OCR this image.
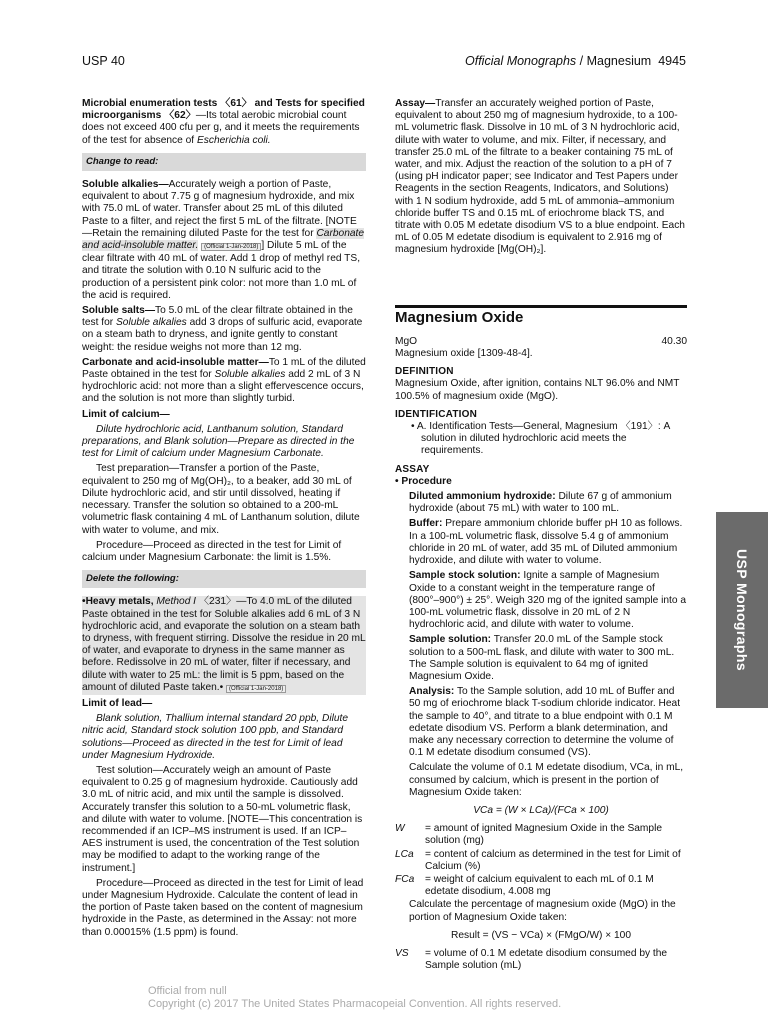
USP 40	Official Monographs / Magnesium 4945

Microbial enumeration tests 〈61〉 and Tests for specified microorganisms 〈62〉—Its total aerobic microbial count does not exceed 400 cfu per g, and it meets the requirements of the test for absence of Escherichia coli.

Change to read:

Soluble alkalies—Accurately weigh a portion of Paste, equivalent to about 7.75 g of magnesium hydroxide, and mix with 75.0 mL of water. Transfer about 25 mL of this diluted Paste to a filter, and reject the first 5 mL of the filtrate. [NOTE—Retain the remaining diluted Paste for the test for Carbonate and acid-insoluble matter. (Official 1-Jan-2018) ] Dilute 5 mL of the clear filtrate with 40 mL of water. Add 1 drop of methyl red TS, and titrate the solution with 0.10 N sulfuric acid to the production of a persistent pink color: not more than 1.0 mL of the acid is required.

Soluble salts—To 5.0 mL of the clear filtrate obtained in the test for Soluble alkalies add 3 drops of sulfuric acid, evaporate on a steam bath to dryness, and ignite gently to constant weight: the residue weighs not more than 12 mg.

Carbonate and acid-insoluble matter—To 1 mL of the diluted Paste obtained in the test for Soluble alkalies add 2 mL of 3 N hydrochloric acid: not more than a slight effervescence occurs, and the solution is not more than slightly turbid.

Limit of calcium—

Dilute hydrochloric acid, Lanthanum solution, Standard preparations, and Blank solution—Prepare as directed in the test for Limit of calcium under Magnesium Carbonate.

Test preparation—Transfer a portion of the Paste, equivalent to 250 mg of Mg(OH)₂, to a beaker, add 30 mL of Dilute hydrochloric acid, and stir until dissolved, heating if necessary. Transfer the solution so obtained to a 200-mL volumetric flask containing 4 mL of Lanthanum solution, dilute with water to volume, and mix.

Procedure—Proceed as directed in the test for Limit of calcium under Magnesium Carbonate: the limit is 1.5%.

Delete the following:

•Heavy metals, Method I 〈231〉—To 4.0 mL of the diluted Paste obtained in the test for Soluble alkalies add 6 mL of 3 N hydrochloric acid, and evaporate the solution on a steam bath to dryness, with frequent stirring. Dissolve the residue in 20 mL of water, and evaporate to dryness in the same manner as before. Redissolve in 20 mL of water, filter if necessary, and dilute with water to 25 mL: the limit is 5 ppm, based on the amount of diluted Paste taken.• (Official 1-Jan-2018)

Limit of lead—

Blank solution, Thallium internal standard 20 ppb, Dilute nitric acid, Standard stock solution 100 ppb, and Standard solutions—Proceed as directed in the test for Limit of lead under Magnesium Hydroxide.

Test solution—Accurately weigh an amount of Paste equivalent to 0.25 g of magnesium hydroxide. Cautiously add 3.0 mL of nitric acid, and mix until the sample is dissolved. Accurately transfer this solution to a 50-mL volumetric flask, and dilute with water to volume. [NOTE—This concentration is recommended if an ICP–MS instrument is used. If an ICP–AES instrument is used, the concentration of the Test solution may be modified to adapt to the working range of the instrument.]

Procedure—Proceed as directed in the test for Limit of lead under Magnesium Hydroxide. Calculate the content of lead in the portion of Paste taken based on the content of magnesium hydroxide in the Paste, as determined in the Assay: not more than 0.00015% (1.5 ppm) is found.

Assay—Transfer an accurately weighed portion of Paste, equivalent to about 250 mg of magnesium hydroxide, to a 100-mL volumetric flask. Dissolve in 10 mL of 3 N hydrochloric acid, dilute with water to volume, and mix. Filter, if necessary, and transfer 25.0 mL of the filtrate to a beaker containing 75 mL of water, and mix. Adjust the reaction of the solution to a pH of 7 (using pH indicator paper; see Indicator and Test Papers under Reagents in the section Reagents, Indicators, and Solutions) with 1 N sodium hydroxide, add 5 mL of ammonia–ammonium chloride buffer TS and 0.15 mL of eriochrome black TS, and titrate with 0.05 M edetate disodium VS to a blue endpoint. Each mL of 0.05 M edetate disodium is equivalent to 2.916 mg of magnesium hydroxide [Mg(OH)₂].

Magnesium Oxide
MgO	40.30

Magnesium oxide [1309-48-4].

DEFINITION

Magnesium Oxide, after ignition, contains NLT 96.0% and NMT 100.5% of magnesium oxide (MgO).

IDENTIFICATION

• A. Identification Tests—General, Magnesium 〈191〉: A solution in diluted hydrochloric acid meets the requirements.

ASSAY

• Procedure

Diluted ammonium hydroxide: Dilute 67 g of ammonium hydroxide (about 75 mL) with water to 100 mL.

Buffer: Prepare ammonium chloride buffer pH 10 as follows. In a 100-mL volumetric flask, dissolve 5.4 g of ammonium chloride in 20 mL of water, add 35 mL of Diluted ammonium hydroxide, and dilute with water to volume.

Sample stock solution: Ignite a sample of Magnesium Oxide to a constant weight in the temperature range of (800°–900°) ± 25°. Weigh 320 mg of the ignited sample into a 100-mL volumetric flask, dissolve in 20 mL of 2 N hydrochloric acid, and dilute with water to volume.

Sample solution: Transfer 20.0 mL of the Sample stock solution to a 500-mL flask, and dilute with water to 300 mL. The Sample solution is equivalent to 64 mg of ignited Magnesium Oxide.

Analysis: To the Sample solution, add 10 mL of Buffer and 50 mg of eriochrome black T-sodium chloride indicator. Heat the sample to 40°, and titrate to a blue endpoint with 0.1 M edetate disodium VS. Perform a blank determination, and make any necessary correction to determine the volume of 0.1 M edetate disodium consumed (VS).

Calculate the volume of 0.1 M edetate disodium, VCa, in mL, consumed by calcium, which is present in the portion of Magnesium Oxide taken:

VCa = (W × LCa)/(FCa × 100)
W	= amount of ignited Magnesium Oxide in the Sample solution (mg)
LCa	= content of calcium as determined in the test for Limit of Calcium (%)
FCa	= weight of calcium equivalent to each mL of 0.1 M edetate disodium, 4.008 mg

Calculate the percentage of magnesium oxide (MgO) in the portion of Magnesium Oxide taken:

Result = (VS − VCa) × (FMgO/W) × 100
VS	= volume of 0.1 M edetate disodium consumed by the Sample solution (mL)
USP Monographs
Official from null
Copyright (c) 2017 The United States Pharmacopeial Convention. All rights reserved.
